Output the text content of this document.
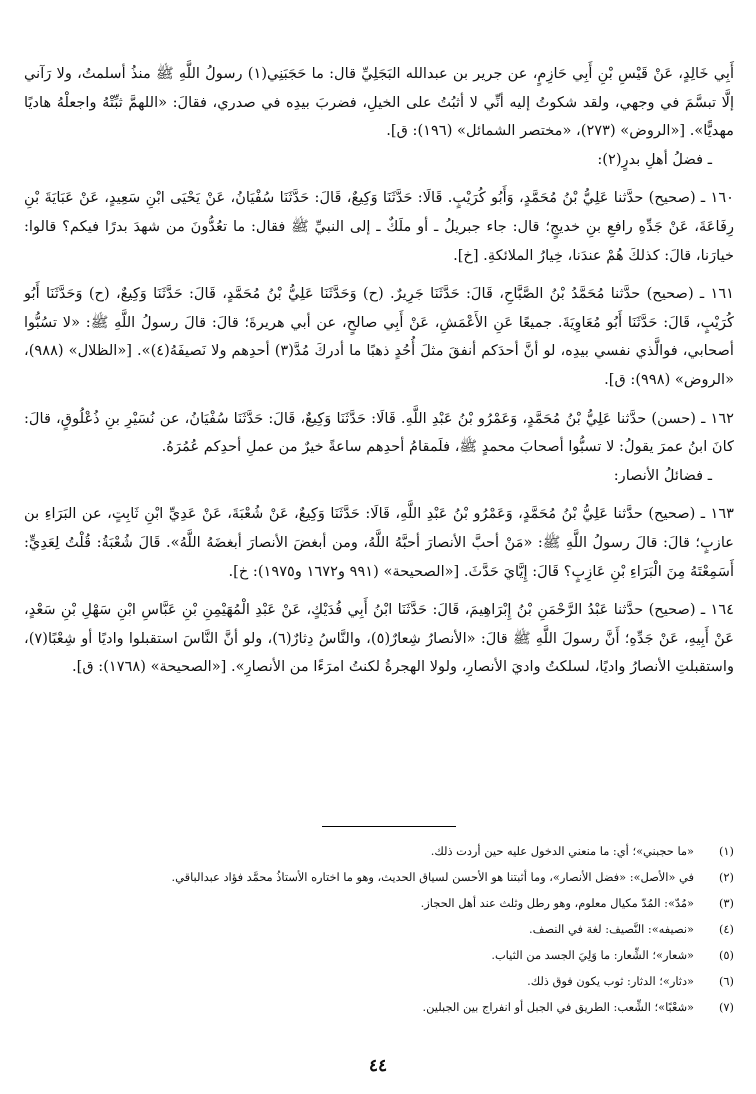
أَبِي خَالِدٍ، عَنْ قَيْسِ بْنِ أَبِي حَازِمٍ، عن جرير بن عبدالله البَجَلِيِّ قال: ما حَجَبَنِي(١) رسولُ اللَّهِ ﷺ منذُ أسلمتُ، ولا رَآني إلَّا تبسَّمَ في وجهي، ولقد شكوتُ إليه أنِّي لا أثبُتُ على الخيلِ، فضربَ بيدِه في صدري، فقالَ: «اللهمَّ ثبِّتْهُ واجعلْهُ هاديًا مهديًّا». [«الروض» (٢٧٣)، «مختصر الشمائل» (١٩٦): ق].

ـ فضلُ أهلِ بدرٍ(٢):

١٦٠ ـ (صحيح) حدَّثنا عَلِيُّ بْنُ مُحَمَّدٍ، وَأَبُو كُرَيْبٍ. قَالَا: حَدَّثَنَا وَكِيعٌ، قَالَ: حَدَّثَنَا سُفْيَانُ، عَنْ يَحْيَى ابْنِ سَعِيدٍ، عَنْ عَبَايَةَ بْنِ رِفَاعَةَ، عَنْ جَدِّهِ رافعِ بنِ خديجٍ؛ قال: جاء جبريلُ ـ أو ملَكٌ ـ إلى النبيِّ ﷺ فقال: ما تعُدُّونَ من شهدَ بدرًا فيكم؟ قالوا: خيارَنا، قالَ: كذلكَ هُمْ عندَنا، خِيارُ الملائكةِ. [خ].

١٦١ ـ (صحيح) حدَّثنا مُحَمَّدُ بْنُ الصَّبَّاحِ، قَالَ: حَدَّثَنَا جَرِيرٌ. (ح) وَحَدَّثَنَا عَلِيُّ بْنُ مُحَمَّدٍ، قَالَ: حَدَّثَنَا وَكِيعٌ، (ح) وَحَدَّثَنَا أَبُو كُرَيْبٍ، قَالَ: حَدَّثَنَا أَبُو مُعَاوِيَةَ. جميعًا عَنِ الأَعْمَشِ، عَنْ أَبِي صالحٍ، عن أبي هريرةَ؛ قالَ: قالَ رسولُ اللَّهِ ﷺ: «لا تسُبُّوا أصحابي، فوالَّذي نفسي بيدِه، لو أنَّ أحدَكم أنفقَ مثلَ أُحُدٍ ذهبًا ما أدركَ مُدَّ(٣) أحدِهم ولا نَصيفَهُ(٤)». [«الظلال» (٩٨٨)، «الروض» (٩٩٨): ق].

١٦٢ ـ (حسن) حدَّثنا عَلِيُّ بْنُ مُحَمَّدٍ، وَعَمْرُو بْنُ عَبْدِ اللَّهِ. قَالَا: حَدَّثَنَا وَكِيعٌ، قَالَ: حَدَّثَنَا سُفْيَانُ، عن نُسَيْرِ بنِ ذُعْلُوقٍ، قالَ: كانَ ابنُ عمرَ يقولُ: لا تسبُّوا أصحابَ محمدٍ ﷺ، فلَمقامُ أحدِهم ساعةً خيرٌ من عملِ أحدِكم عُمُرَهُ.

ـ فضائلُ الأنصار:

١٦٣ ـ (صحيح) حدَّثنا عَلِيُّ بْنُ مُحَمَّدٍ، وَعَمْرُو بْنُ عَبْدِ اللَّهِ، قَالَا: حَدَّثَنَا وَكِيعٌ، عَنْ شُعْبَةَ، عَنْ عَدِيِّ ابْنِ ثَابِتٍ، عن البَرَاءِ بن عازبٍ؛ قالَ: قالَ رسولُ اللَّهِ ﷺ: «مَنْ أحبَّ الأنصارَ أحبَّهُ اللَّهُ، ومن أبغضَ الأنصارَ أبغضَهُ اللَّهُ». قَالَ شُعْبَةُ: قُلْتُ لِعَدِيٍّ: أَسَمِعْتَهُ مِنَ الْبَرَاءِ بْنِ عَازِبٍ؟ قَالَ: إِيَّايَ حَدَّثَ. [«الصحيحة» (٩٩١ و١٦٧٢ و١٩٧٥): خ].

١٦٤ ـ (صحيح) حدَّثنا عَبْدُ الرَّحْمَنِ بْنُ إِبْرَاهِيمَ، قَالَ: حَدَّثَنَا ابْنُ أَبِي فُدَيْكٍ، عَنْ عَبْدِ الْمُهَيْمِنِ بْنِ عَبَّاسِ ابْنِ سَهْلِ بْنِ سَعْدٍ، عَنْ أَبِيهِ، عَنْ جَدِّهِ؛ أَنَّ رسولَ اللَّهِ ﷺ قالَ: «الأنصارُ شِعارٌ(٥)، والنَّاسُ دِثارٌ(٦)، ولو أنَّ النَّاسَ استقبلوا واديًا أو شِعْبًا(٧)، واستقبلتِ الأنصارُ واديًا، لسلكتُ واديَ الأنصارِ، ولولا الهجرةُ لكنتُ امرَءًا من الأنصارِ». [«الصحيحة» (١٧٦٨): ق].

(١)
«ما حجبني»؛ أي: ما منعني الدخول عليه حين أردت ذلك.
(٢)
في «الأصل»: «فضل الأنصار»، وما أثبتنا هو الأحسن لسياق الحديث، وهو ما اختاره الأستاذُ محمَّد فؤاد عبدالباقي.
(٣)
«مُدّ»: المُدّ مكيال معلوم، وهو رطل وثلث عند أهل الحجاز.
(٤)
«نصيفه»: النَّصيف: لغة في النصف.
(٥)
«شعار»؛ الشِّعار: ما وَلِيَ الجسد من الثياب.
(٦)
«دثار»؛ الدثار: ثوب يكون فوق ذلك.
(٧)
«شعْبًا»؛ الشِّعب: الطريق في الجبل أو انفراج بين الجبلين.
٤٤
